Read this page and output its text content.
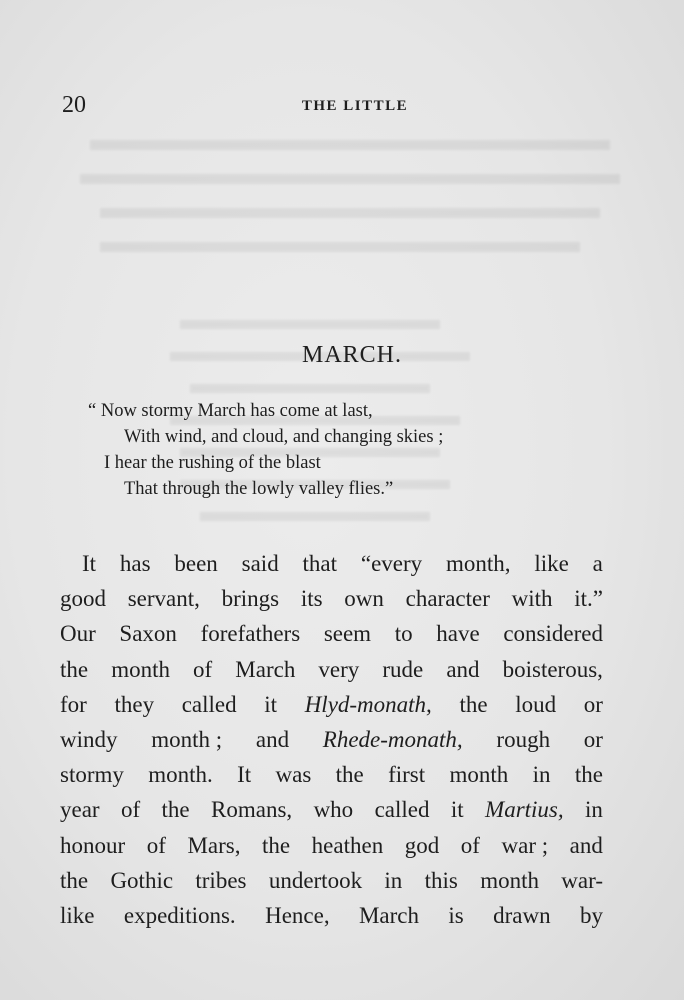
20	THE LITTLE
MARCH.
“ Now stormy March has come at last,
With wind, and cloud, and changing skies ;
I hear the rushing of the blast
That through the lowly valley flies.”
It has been said that “every month, like a
good servant, brings its own character with it.”
Our Saxon forefathers seem to have considered
the month of March very rude and boisterous,
for they called it Hlyd-monath, the loud or
windy month ; and Rhede-monath, rough or
stormy month. It was the first month in the
year of the Romans, who called it Martius, in
honour of Mars, the heathen god of war ; and
the Gothic tribes undertook in this month war-
like expeditions. Hence, March is drawn by
